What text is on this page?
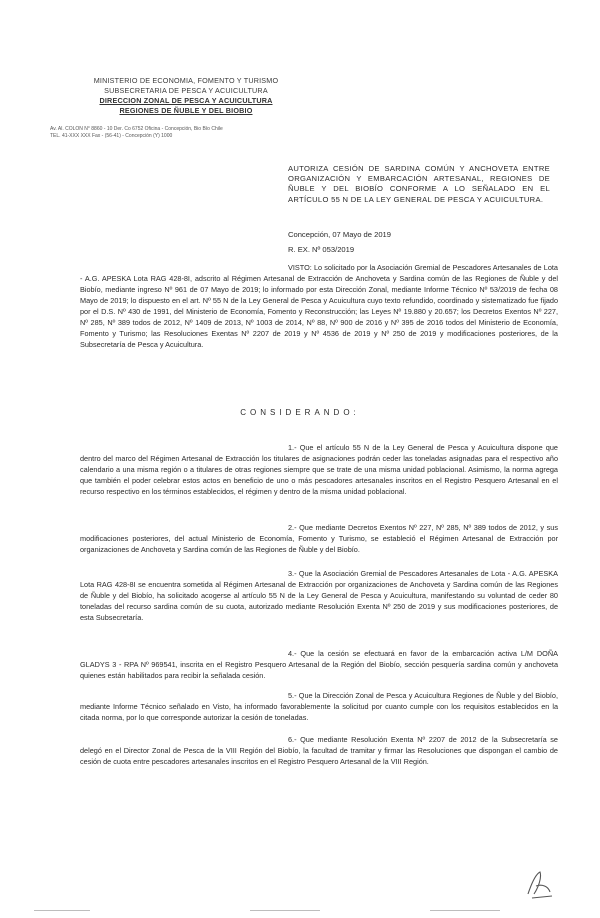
MINISTERIO DE ECONOMIA, FOMENTO Y TURISMO
SUBSECRETARIA DE PESCA Y ACUICULTURA
DIRECCION ZONAL DE PESCA Y ACUICULTURA
REGIONES DE ÑUBLE Y DEL BIOBIO
Av. Al. COLON N° 8860 - 10 Der. Co 6752 Oficina - Concepción, Bio Bío Chile
TEL. 41-XXX XXX Fax - (56-41) - Concepción (Y) 1000
AUTORIZA CESIÓN DE SARDINA COMÚN Y ANCHOVETA ENTRE ORGANIZACIÓN Y EMBARCACIÓN ARTESANAL, REGIONES DE ÑUBLE Y DEL BIOBÍO CONFORME A LO SEÑALADO EN EL ARTÍCULO 55 N DE LA LEY GENERAL DE PESCA Y ACUICULTURA.
Concepción, 07 Mayo de 2019
R. EX. Nº 053/2019
VISTO: Lo solicitado por la Asociación Gremial de Pescadores Artesanales de Lota - A.G. APESKA Lota RAG 428-8I, adscrito al Régimen Artesanal de Extracción de Anchoveta y Sardina común de las Regiones de Ñuble y del Biobío, mediante ingreso Nº 961 de 07 Mayo de 2019; lo informado por esta Dirección Zonal, mediante Informe Técnico Nº 53/2019 de fecha 08 Mayo de 2019; lo dispuesto en el art. Nº 55 N de la Ley General de Pesca y Acuicultura cuyo texto refundido, coordinado y sistematizado fue fijado por el D.S. Nº 430 de 1991, del Ministerio de Economía, Fomento y Reconstrucción; las Leyes Nº 19.880 y 20.657; los Decretos Exentos Nº 227, Nº 285, Nº 389 todos de 2012, Nº 1409 de 2013, Nº 1003 de 2014, Nº 88, Nº 900 de 2016 y Nº 395 de 2016 todos del Ministerio de Economía, Fomento y Turismo; las Resoluciones Exentas Nº 2207 de 2019 y Nº 4536 de 2019 y Nº 250 de 2019 y modificaciones posteriores, de la Subsecretaría de Pesca y Acuicultura.
CONSIDERANDO:
1.- Que el artículo 55 N de la Ley General de Pesca y Acuicultura dispone que dentro del marco del Régimen Artesanal de Extracción los titulares de asignaciones podrán ceder las toneladas asignadas para el respectivo año calendario a una misma región o a titulares de otras regiones siempre que se trate de una misma unidad poblacional. Asimismo, la norma agrega que también el poder celebrar estos actos en beneficio de uno o más pescadores artesanales inscritos en el Registro Pesquero Artesanal en el recurso respectivo en los términos establecidos, el régimen y dentro de la misma unidad poblacional.
2.- Que mediante Decretos Exentos Nº 227, Nº 285, Nº 389 todos de 2012, y sus modificaciones posteriores, del actual Ministerio de Economía, Fomento y Turismo, se estableció el Régimen Artesanal de Extracción por organizaciones de Anchoveta y Sardina común de las Regiones de Ñuble y del Biobío.
3.- Que la Asociación Gremial de Pescadores Artesanales de Lota - A.G. APESKA Lota RAG 428-8I se encuentra sometida al Régimen Artesanal de Extracción por organizaciones de Anchoveta y Sardina común de las Regiones de Ñuble y del Biobío, ha solicitado acogerse al artículo 55 N de la Ley General de Pesca y Acuicultura, manifestando su voluntad de ceder 80 toneladas del recurso sardina común de su cuota, autorizado mediante Resolución Exenta Nº 250 de 2019 y sus modificaciones posteriores, de esta Subsecretaría.
4.- Que la cesión se efectuará en favor de la embarcación activa L/M DOÑA GLADYS 3 - RPA Nº 969541, inscrita en el Registro Pesquero Artesanal de la Región del Biobío, sección pesquería sardina común y anchoveta quienes están habilitados para recibir la señalada cesión.
5.- Que la Dirección Zonal de Pesca y Acuicultura Regiones de Ñuble y del Biobío, mediante Informe Técnico señalado en Visto, ha informado favorablemente la solicitud por cuanto cumple con los requisitos establecidos en la citada norma, por lo que corresponde autorizar la cesión de toneladas.
6.- Que mediante Resolución Exenta Nº 2207 de 2012 de la Subsecretaría se delegó en el Director Zonal de Pesca de la VIII Región del Biobío, la facultad de tramitar y firmar las Resoluciones que dispongan el cambio de cesión de cuota entre pescadores artesanales inscritos en el Registro Pesquero Artesanal de la VIII Región.
